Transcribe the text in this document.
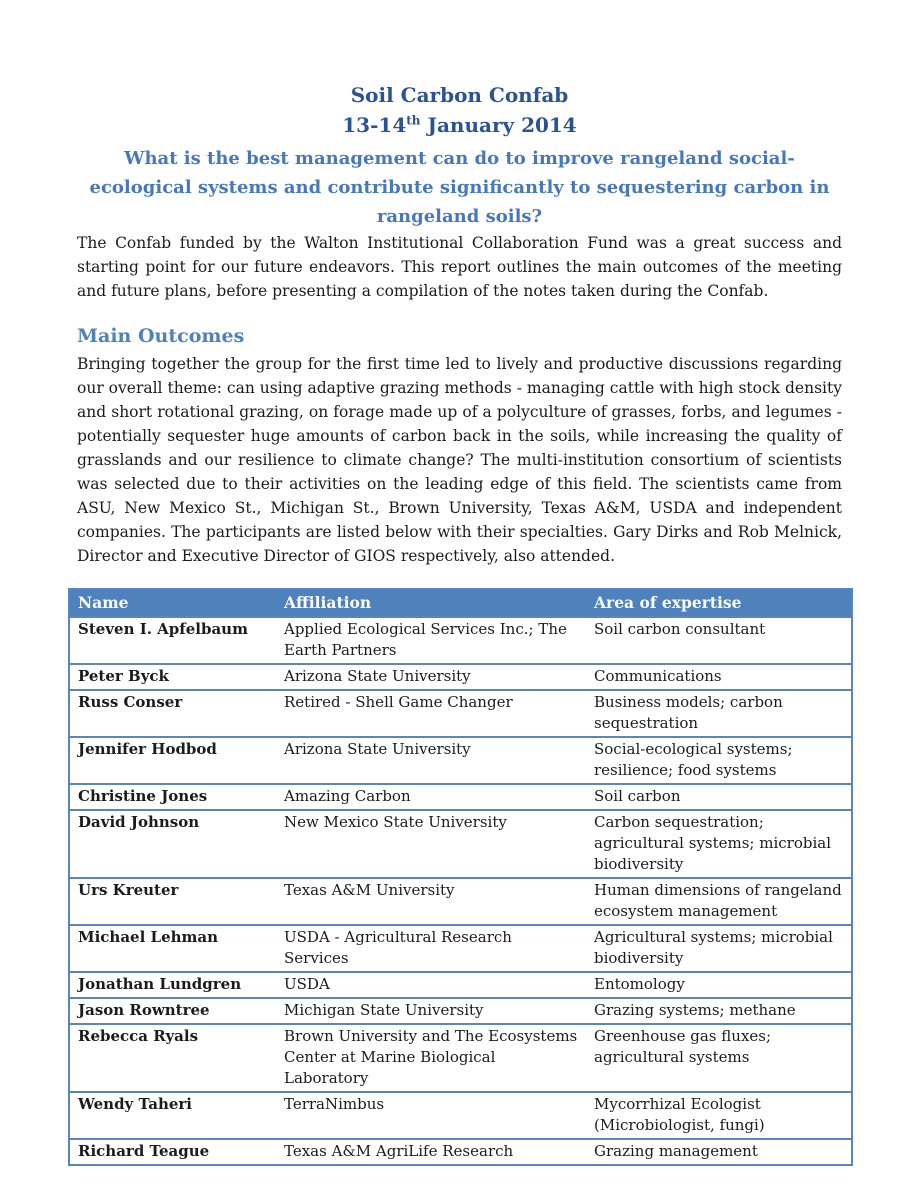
Soil Carbon Confab
13-14th January 2014
What is the best management can do to improve rangeland social-ecological systems and contribute significantly to sequestering carbon in rangeland soils?

The Confab funded by the Walton Institutional Collaboration Fund was a great success and starting point for our future endeavors. This report outlines the main outcomes of the meeting and future plans, before presenting a compilation of the notes taken during the Confab.

Main Outcomes

Bringing together the group for the first time led to lively and productive discussions regarding our overall theme: can using adaptive grazing methods - managing cattle with high stock density and short rotational grazing, on forage made up of a polyculture of grasses, forbs, and legumes - potentially sequester huge amounts of carbon back in the soils, while increasing the quality of grasslands and our resilience to climate change? The multi-institution consortium of scientists was selected due to their activities on the leading edge of this field. The scientists came from ASU, New Mexico St., Michigan St., Brown University, Texas A&M, USDA and independent companies. The participants are listed below with their specialties. Gary Dirks and Rob Melnick, Director and Executive Director of GIOS respectively, also attended.

Name	Affiliation	Area of expertise
Steven I. Apfelbaum	Applied Ecological Services Inc.; The Earth Partners	Soil carbon consultant
Peter Byck	Arizona State University	Communications
Russ Conser	Retired - Shell Game Changer	Business models; carbon sequestration
Jennifer Hodbod	Arizona State University	Social-ecological systems; resilience; food systems
Christine Jones	Amazing Carbon	Soil carbon
David Johnson	New Mexico State University	Carbon sequestration; agricultural systems; microbial biodiversity
Urs Kreuter	Texas A&M University	Human dimensions of rangeland ecosystem management
Michael Lehman	USDA - Agricultural Research Services	Agricultural systems; microbial biodiversity
Jonathan Lundgren	USDA	Entomology
Jason Rowntree	Michigan State University	Grazing systems; methane
Rebecca Ryals	Brown University and The Ecosystems Center at Marine Biological Laboratory	Greenhouse gas fluxes; agricultural systems
Wendy Taheri	TerraNimbus	Mycorrhizal Ecologist (Microbiologist, fungi)
Richard Teague	Texas A&M AgriLife Research	Grazing management
